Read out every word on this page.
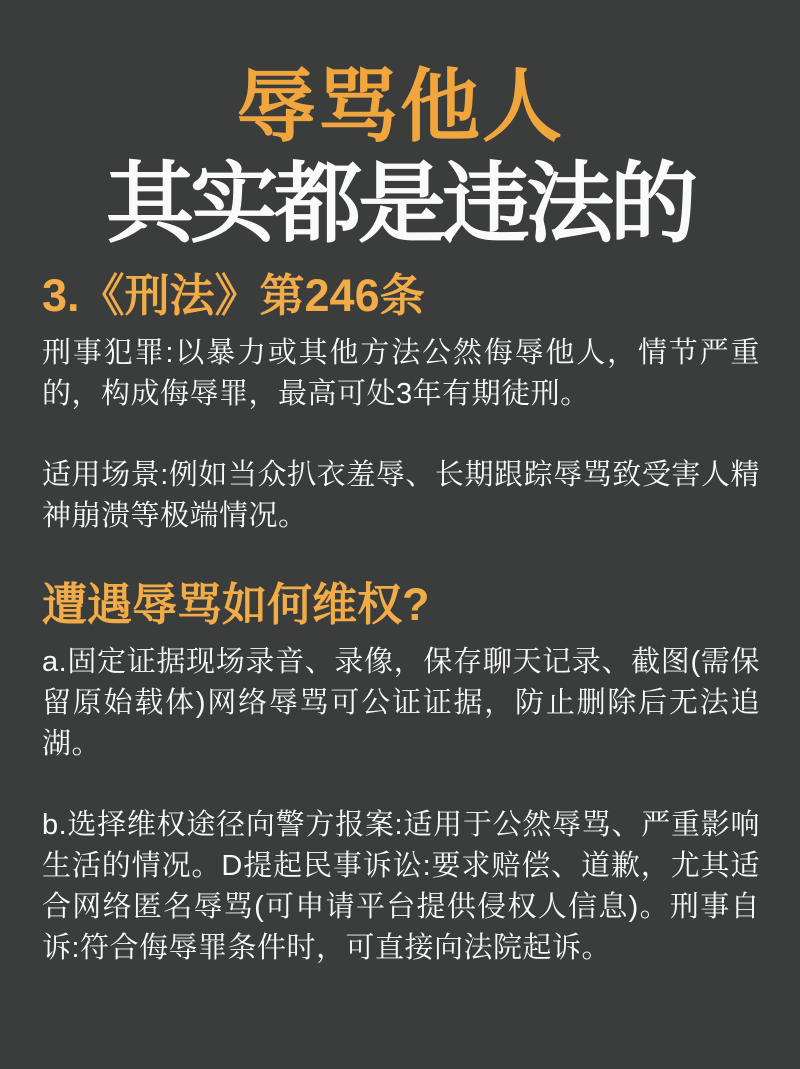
辱骂他人
其实都是违法的
3.《刑法》第246条

刑事犯罪:以暴力或其他方法公然侮辱他人，情节严重的，构成侮辱罪，最高可处3年有期徒刑。

适用场景:例如当众扒衣羞辱、长期跟踪辱骂致受害人精神崩溃等极端情况。

遭遇辱骂如何维权?

a.固定证据现场录音、录像，保存聊天记录、截图(需保留原始载体)网络辱骂可公证证据，防止删除后无法追湖。

b.选择维权途径向警方报案:适用于公然辱骂、严重影响生活的情况。D提起民事诉讼:要求赔偿、道歉，尤其适合网络匿名辱骂(可申请平台提供侵权人信息)。刑事自诉:符合侮辱罪条件时，可直接向法院起诉。
